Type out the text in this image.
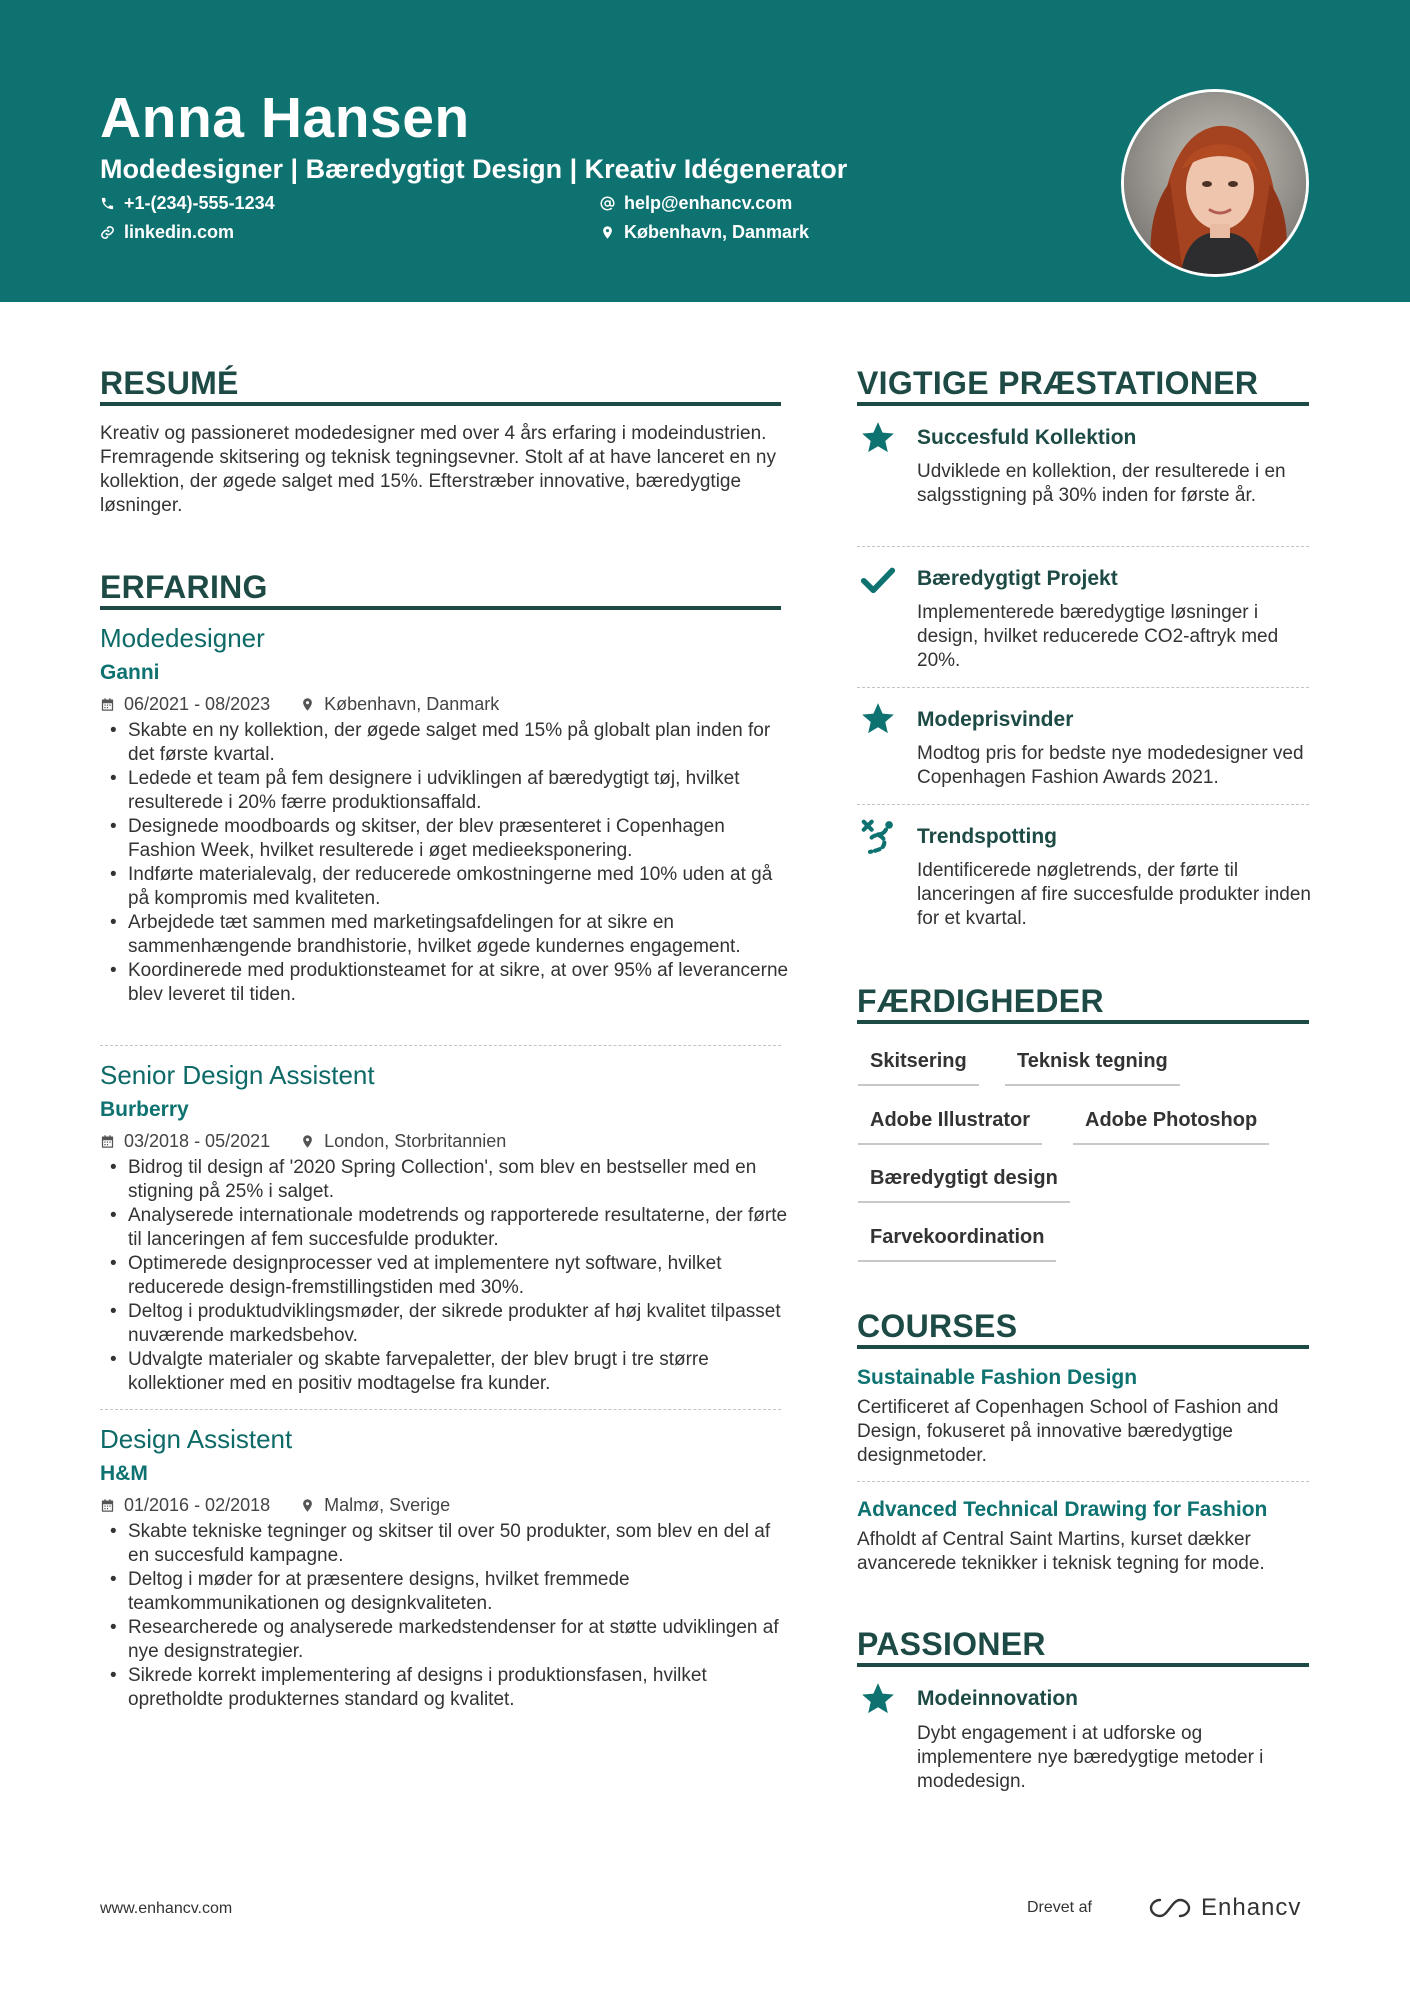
Anna Hansen
Modedesigner | Bæredygtigt Design | Kreativ Idégenerator
+1-(234)-555-1234	help@enhancv.com
linkedin.com	København, Danmark
RESUMÉ
Kreativ og passioneret modedesigner med over 4 års erfaring i modeindustrien. Fremragende skitsering og teknisk tegningsevner. Stolt af at have lanceret en ny kollektion, der øgede salget med 15%. Efterstræber innovative, bæredygtige løsninger.
ERFARING
Modedesigner
Ganni
06/2021 - 08/2023	København, Danmark
• Skabte en ny kollektion, der øgede salget med 15% på globalt plan inden for det første kvartal.
• Ledede et team på fem designere i udviklingen af bæredygtigt tøj, hvilket resulterede i 20% færre produktionsaffald.
• Designede moodboards og skitser, der blev præsenteret i Copenhagen Fashion Week, hvilket resulterede i øget medieeksponering.
• Indførte materialevalg, der reducerede omkostningerne med 10% uden at gå på kompromis med kvaliteten.
• Arbejdede tæt sammen med marketingsafdelingen for at sikre en sammenhængende brandhistorie, hvilket øgede kundernes engagement.
• Koordinerede med produktionsteamet for at sikre, at over 95% af leverancerne blev leveret til tiden.
Senior Design Assistent
Burberry
03/2018 - 05/2021	London, Storbritannien
• Bidrog til design af '2020 Spring Collection', som blev en bestseller med en stigning på 25% i salget.
• Analyserede internationale modetrends og rapporterede resultaterne, der førte til lanceringen af fem succesfulde produkter.
• Optimerede designprocesser ved at implementere nyt software, hvilket reducerede design-fremstillingstiden med 30%.
• Deltog i produktudviklingsmøder, der sikrede produkter af høj kvalitet tilpasset nuværende markedsbehov.
• Udvalgte materialer og skabte farvepaletter, der blev brugt i tre større kollektioner med en positiv modtagelse fra kunder.
Design Assistent
H&M
01/2016 - 02/2018	Malmø, Sverige
• Skabte tekniske tegninger og skitser til over 50 produkter, som blev en del af en succesfuld kampagne.
• Deltog i møder for at præsentere designs, hvilket fremmede teamkommunikationen og designkvaliteten.
• Researcherede og analyserede markedstendenser for at støtte udviklingen af nye designstrategier.
• Sikrede korrekt implementering af designs i produktionsfasen, hvilket opretholdte produkternes standard og kvalitet.
VIGTIGE PRÆSTATIONER
Succesfuld Kollektion
Udviklede en kollektion, der resulterede i en salgsstigning på 30% inden for første år.
Bæredygtigt Projekt
Implementerede bæredygtige løsninger i design, hvilket reducerede CO2-aftryk med 20%.
Modeprisvinder
Modtog pris for bedste nye modedesigner ved Copenhagen Fashion Awards 2021.
Trendspotting
Identificerede nøgletrends, der førte til lanceringen af fire succesfulde produkter inden for et kvartal.
FÆRDIGHEDER
Skitsering	Teknisk tegning
Adobe Illustrator	Adobe Photoshop
Bæredygtigt design
Farvekoordination
COURSES
Sustainable Fashion Design
Certificeret af Copenhagen School of Fashion and Design, fokuseret på innovative bæredygtige designmetoder.
Advanced Technical Drawing for Fashion
Afholdt af Central Saint Martins, kurset dækker avancerede teknikker i teknisk tegning for mode.
PASSIONER
Modeinnovation
Dybt engagement i at udforske og implementere nye bæredygtige metoder i modedesign.
www.enhancv.com	Drevet af	Enhancv
